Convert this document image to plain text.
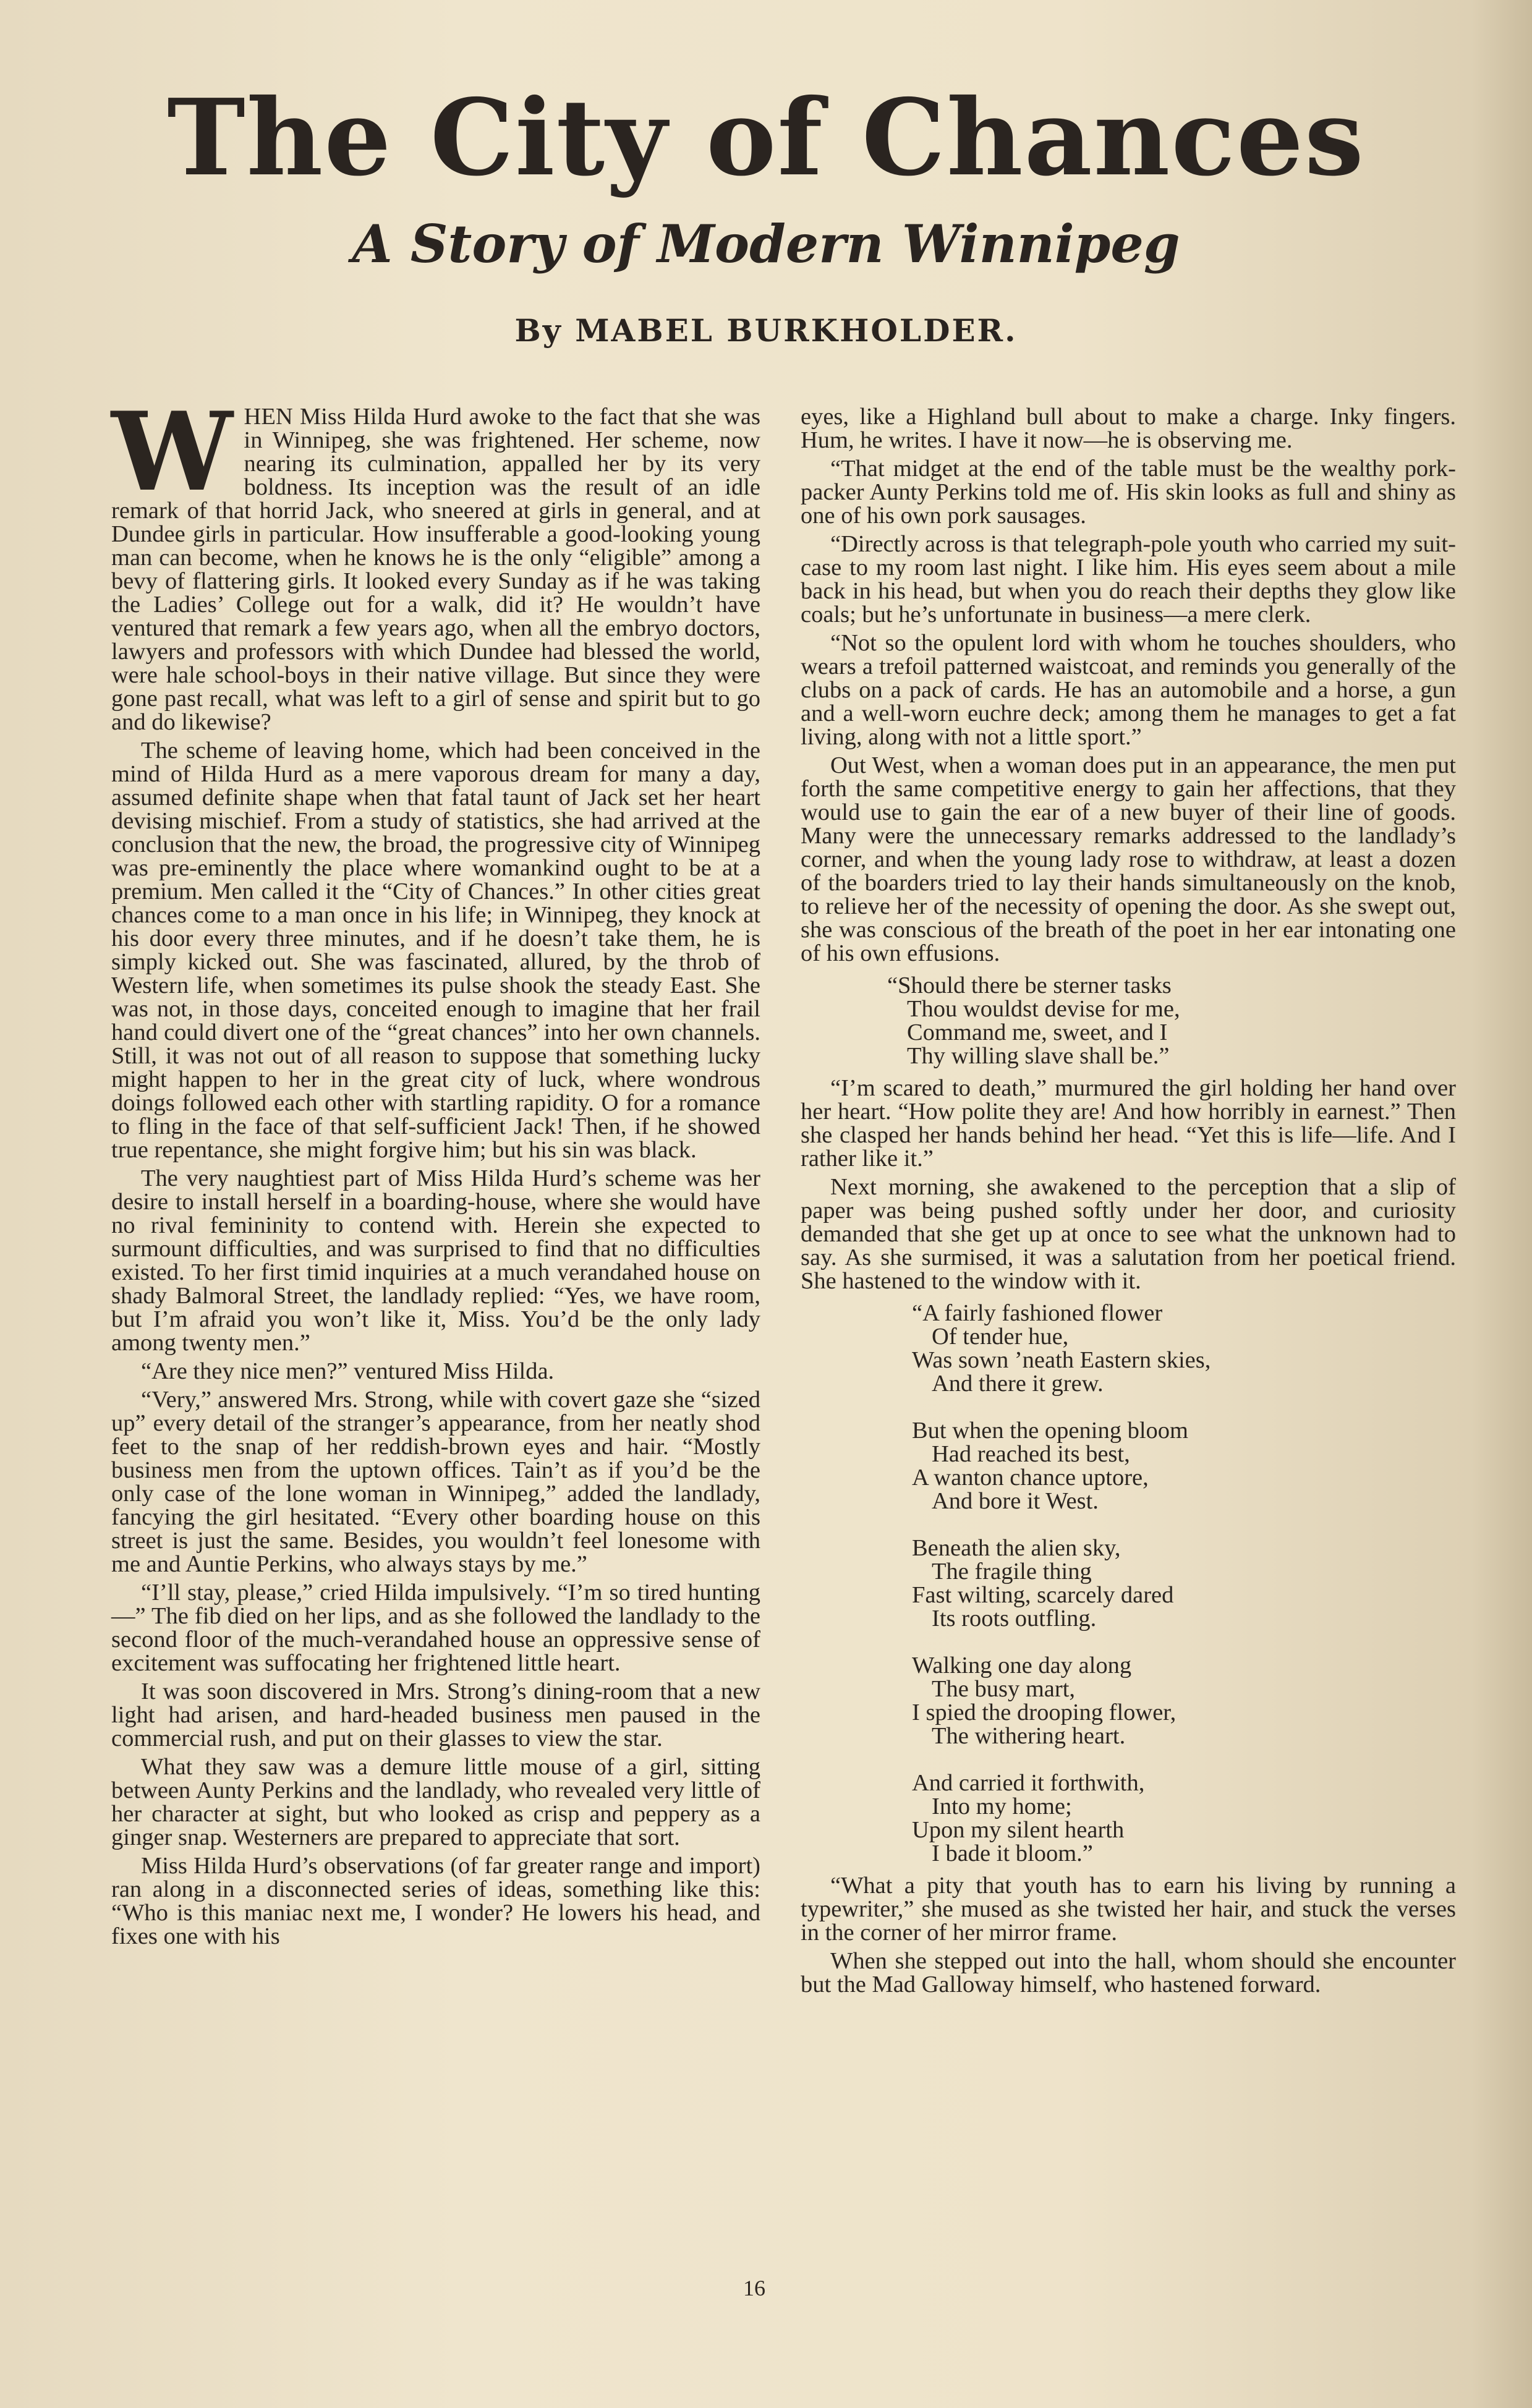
The City of Chances
A Story of Modern Winnipeg
By MABEL BURKHOLDER.

WHEN Miss Hilda Hurd awoke to the fact that she was in Winnipeg, she was frightened. Her scheme, now nearing its culmination, appalled her by its very boldness. Its inception was the result of an idle remark of that horrid Jack, who sneered at girls in general, and at Dundee girls in particular. How insufferable a good-looking young man can become, when he knows he is the only “eligible” among a bevy of flattering girls. It looked every Sunday as if he was taking the Ladies’ College out for a walk, did it? He wouldn’t have ventured that remark a few years ago, when all the embryo doctors, lawyers and professors with which Dundee had blessed the world, were hale school-boys in their native village. But since they were gone past recall, what was left to a girl of sense and spirit but to go and do likewise?

The scheme of leaving home, which had been conceived in the mind of Hilda Hurd as a mere vaporous dream for many a day, assumed definite shape when that fatal taunt of Jack set her heart devising mischief. From a study of statistics, she had arrived at the conclusion that the new, the broad, the progressive city of Winnipeg was pre-eminently the place where womankind ought to be at a premium. Men called it the “City of Chances.” In other cities great chances come to a man once in his life; in Winnipeg, they knock at his door every three minutes, and if he doesn’t take them, he is simply kicked out. She was fascinated, allured, by the throb of Western life, when sometimes its pulse shook the steady East. She was not, in those days, conceited enough to imagine that her frail hand could divert one of the “great chances” into her own channels. Still, it was not out of all reason to suppose that something lucky might happen to her in the great city of luck, where wondrous doings followed each other with startling rapidity. O for a romance to fling in the face of that self-sufficient Jack! Then, if he showed true repentance, she might forgive him; but his sin was black.

The very naughtiest part of Miss Hilda Hurd’s scheme was her desire to install herself in a boarding-house, where she would have no rival femininity to contend with. Herein she expected to surmount difficulties, and was surprised to find that no difficulties existed. To her first timid inquiries at a much verandahed house on shady Balmoral Street, the landlady replied: “Yes, we have room, but I’m afraid you won’t like it, Miss. You’d be the only lady among twenty men.”

“Are they nice men?” ventured Miss Hilda.

“Very,” answered Mrs. Strong, while with covert gaze she “sized up” every detail of the stranger’s appearance, from her neatly shod feet to the snap of her reddish-brown eyes and hair. “Mostly business men from the uptown offices. Tain’t as if you’d be the only case of the lone woman in Winnipeg,” added the landlady, fancying the girl hesitated. “Every other boarding house on this street is just the same. Besides, you wouldn’t feel lonesome with me and Auntie Perkins, who always stays by me.”

“I’ll stay, please,” cried Hilda impulsively. “I’m so tired hunting—” The fib died on her lips, and as she followed the landlady to the second floor of the much-verandahed house an oppressive sense of excitement was suffocating her frightened little heart.

It was soon discovered in Mrs. Strong’s dining-room that a new light had arisen, and hard-headed business men paused in the commercial rush, and put on their glasses to view the star.

What they saw was a demure little mouse of a girl, sitting between Aunty Perkins and the landlady, who revealed very little of her character at sight, but who looked as crisp and peppery as a ginger snap. Westerners are prepared to appreciate that sort.

Miss Hilda Hurd’s observations (of far greater range and import) ran along in a disconnected series of ideas, something like this: “Who is this maniac next me, I wonder? He lowers his head, and fixes one with his

eyes, like a Highland bull about to make a charge. Inky fingers. Hum, he writes. I have it now—he is observing me.

“That midget at the end of the table must be the wealthy pork-packer Aunty Perkins told me of. His skin looks as full and shiny as one of his own pork sausages.

“Directly across is that telegraph-pole youth who carried my suit-case to my room last night. I like him. His eyes seem about a mile back in his head, but when you do reach their depths they glow like coals; but he’s unfortunate in business—a mere clerk.

“Not so the opulent lord with whom he touches shoulders, who wears a trefoil patterned waistcoat, and reminds you generally of the clubs on a pack of cards. He has an automobile and a horse, a gun and a well-worn euchre deck; among them he manages to get a fat living, along with not a little sport.”

Out West, when a woman does put in an appearance, the men put forth the same competitive energy to gain her affections, that they would use to gain the ear of a new buyer of their line of goods. Many were the unnecessary remarks addressed to the landlady’s corner, and when the young lady rose to withdraw, at least a dozen of the boarders tried to lay their hands simultaneously on the knob, to relieve her of the necessity of opening the door. As she swept out, she was conscious of the breath of the poet in her ear intonating one of his own effusions.

“Should there be sterner tasks
Thou wouldst devise for me,
Command me, sweet, and I
Thy willing slave shall be.”

“I’m scared to death,” murmured the girl holding her hand over her heart. “How polite they are! And how horribly in earnest.” Then she clasped her hands behind her head. “Yet this is life—life. And I rather like it.”

Next morning, she awakened to the perception that a slip of paper was being pushed softly under her door, and curiosity demanded that she get up at once to see what the unknown had to say. As she surmised, it was a salutation from her poetical friend. She hastened to the window with it.

“A fairly fashioned flower
Of tender hue,
Was sown ’neath Eastern skies,
And there it grew.
But when the opening bloom
Had reached its best,
A wanton chance uptore,
And bore it West.
Beneath the alien sky,
The fragile thing
Fast wilting, scarcely dared
Its roots outfling.
Walking one day along
The busy mart,
I spied the drooping flower,
The withering heart.
And carried it forthwith,
Into my home;
Upon my silent hearth
I bade it bloom.”

“What a pity that youth has to earn his living by running a typewriter,” she mused as she twisted her hair, and stuck the verses in the corner of her mirror frame.

When she stepped out into the hall, whom should she encounter but the Mad Galloway himself, who hastened forward.

16
